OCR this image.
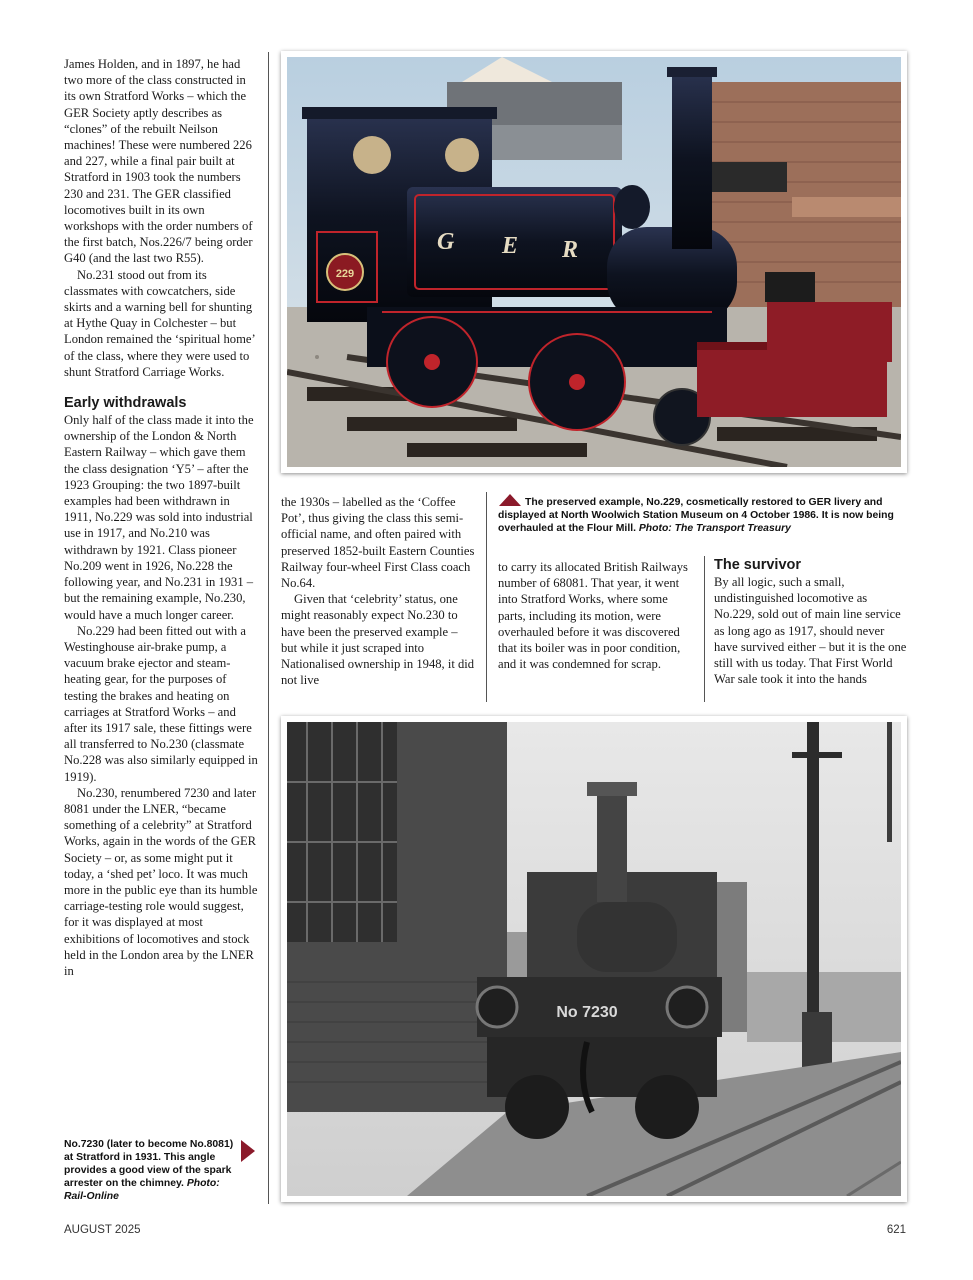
James Holden, and in 1897, he had two more of the class constructed in its own Stratford Works – which the GER Society aptly describes as “clones” of the rebuilt Neilson machines! These were numbered 226 and 227, while a final pair built at Stratford in 1903 took the numbers 230 and 231. The GER classified locomotives built in its own workshops with the order numbers of the first batch, Nos.226/7 being order G40 (and the last two R55).

No.231 stood out from its classmates with cowcatchers, side skirts and a warning bell for shunting at Hythe Quay in Colchester – but London remained the ‘spiritual home’ of the class, where they were used to shunt Stratford Carriage Works.

Early withdrawals

Only half of the class made it into the ownership of the London & North Eastern Railway – which gave them the class designation ‘Y5’ – after the 1923 Grouping: the two 1897-built examples had been withdrawn in 1911, No.229 was sold into industrial use in 1917, and No.210 was withdrawn by 1921. Class pioneer No.209 went in 1926, No.228 the following year, and No.231 in 1931 – but the remaining example, No.230, would have a much longer career.

No.229 had been fitted out with a Westinghouse air-brake pump, a vacuum brake ejector and steam-heating gear, for the purposes of testing the brakes and heating on carriages at Stratford Works – and after its 1917 sale, these fittings were all transferred to No.230 (classmate No.228 was also similarly equipped in 1919).

No.230, renumbered 7230 and later 8081 under the LNER, “became something of a celebrity” at Stratford Works, again in the words of the GER Society – or, as some might put it today, a ‘shed pet’ loco. It was much more in the public eye than its humble carriage-testing role would suggest, for it was displayed at most exhibitions of locomotives and stock held in the London area by the LNER in

No.7230 (later to become No.8081) at Stratford in 1931. This angle provides a good view of the spark arrester on the chimney. Photo: Rail-Online
229
G E R
The preserved example, No.229, cosmetically restored to GER livery and displayed at North Woolwich Station Museum on 4 October 1986. It is now being overhauled at the Flour Mill. Photo: The Transport Treasury

the 1930s – labelled as the ‘Coffee Pot’, thus giving the class this semi-official name, and often paired with preserved 1852-built Eastern Counties Railway four-wheel First Class coach No.64.

Given that ‘celebrity’ status, one might reasonably expect No.230 to have been the preserved example – but while it just scraped into Nationalised ownership in 1948, it did not live

to carry its allocated British Railways number of 68081. That year, it went into Stratford Works, where some parts, including its motion, were overhauled before it was discovered that its boiler was in poor condition, and it was condemned for scrap.

The survivor

By all logic, such a small, undistinguished locomotive as No.229, sold out of main line service as long ago as 1917, should never have survived either – but it is the one still with us today. That First World War sale took it into the hands

No 7230
AUGUST 2025	621
